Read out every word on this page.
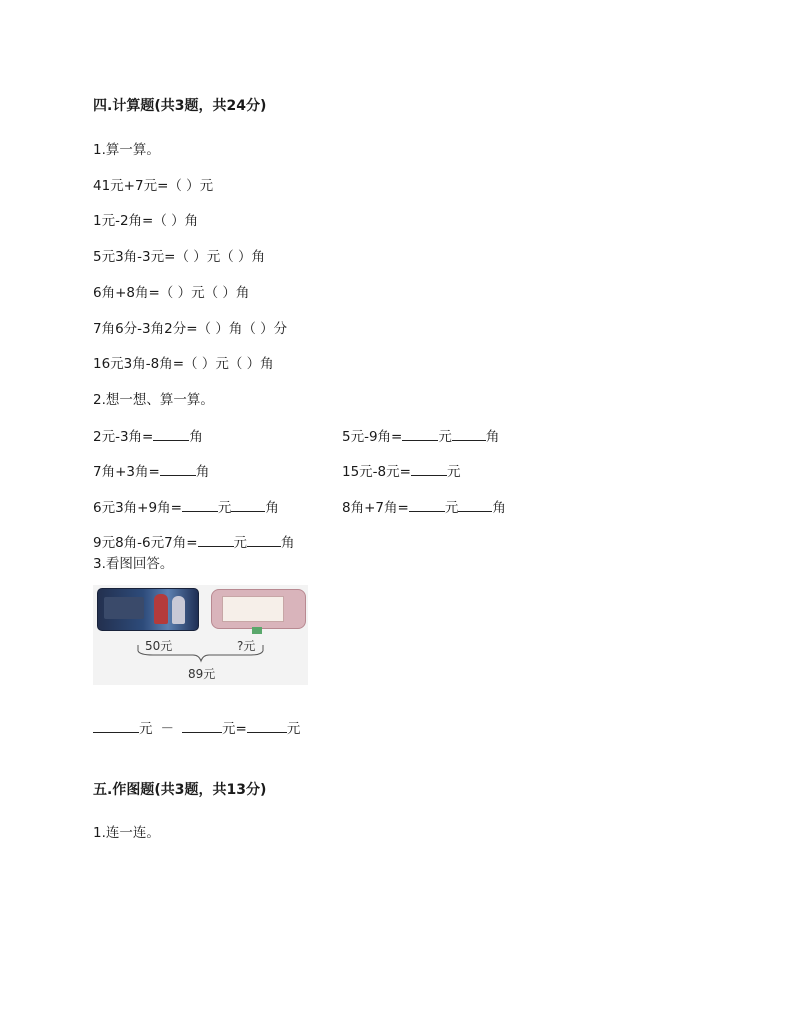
四.计算题(共3题，共24分)
1.算一算。
41元+7元=（ ）元
1元-2角=（ ）角
5元3角-3元=（ ）元（ ）角
6角+8角=（ ）元（ ）角
7角6分-3角2分=（ ）角（ ）分
16元3角-8角=（ ）元（ ）角
2.想一想、算一算。
2元-3角=	角	5元-9角=	元	角
7角+3角=	角	15元-8元=	元
6元3角+9角=	元	角	8角+7角=	元	角
9元8角-6元7角=	元	角
3.看图回答。
50元	?元
89元
元 －	元=	元
五.作图题(共3题，共13分)
1.连一连。
